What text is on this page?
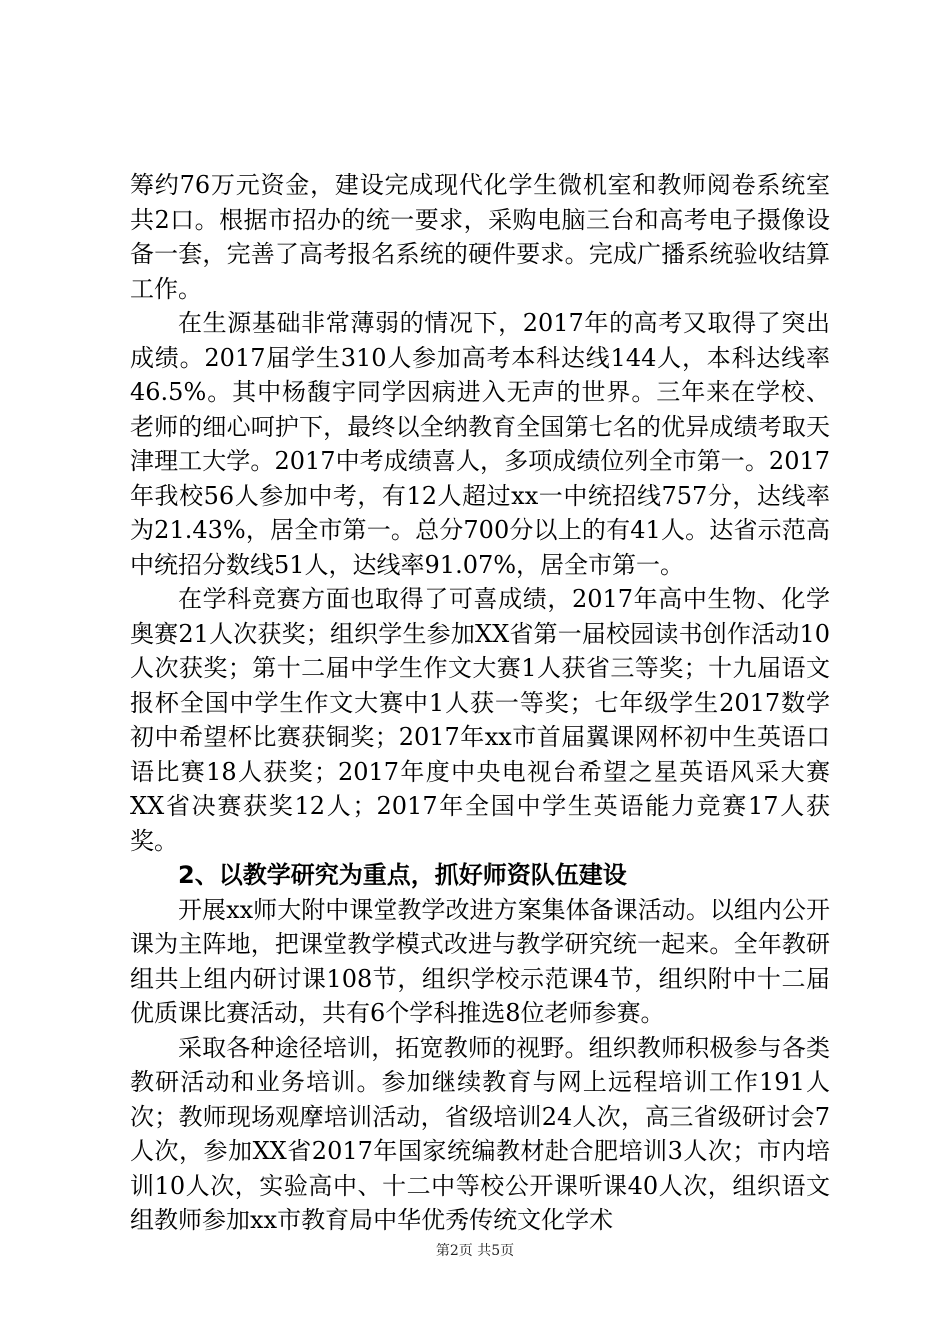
筹约76万元资金，建设完成现代化学生微机室和教师阅卷系统室共2口。根据市招办的统一要求，采购电脑三台和高考电子摄像设备一套，完善了高考报名系统的硬件要求。完成广播系统验收结算工作。

在生源基础非常薄弱的情况下，2017年的高考又取得了突出成绩。2017届学生310人参加高考本科达线144人，本科达线率46.5%。其中杨馥宇同学因病进入无声的世界。三年来在学校、老师的细心呵护下，最终以全纳教育全国第七名的优异成绩考取天津理工大学。2017中考成绩喜人，多项成绩位列全市第一。2017年我校56人参加中考，有12人超过xx一中统招线757分，达线率为21.43%，居全市第一。总分700分以上的有41人。达省示范高中统招分数线51人，达线率91.07%，居全市第一。

在学科竞赛方面也取得了可喜成绩，2017年高中生物、化学奥赛21人次获奖；组织学生参加XX省第一届校园读书创作活动10人次获奖；第十二届中学生作文大赛1人获省三等奖；十九届语文报杯全国中学生作文大赛中1人获一等奖；七年级学生2017数学初中希望杯比赛获铜奖；2017年xx市首届翼课网杯初中生英语口语比赛18人获奖；2017年度中央电视台希望之星英语风采大赛XX省决赛获奖12人；2017年全国中学生英语能力竞赛17人获奖。

2、以教学研究为重点，抓好师资队伍建设

开展xx师大附中课堂教学改进方案集体备课活动。以组内公开课为主阵地，把课堂教学模式改进与教学研究统一起来。全年教研组共上组内研讨课108节，组织学校示范课4节，组织附中十二届优质课比赛活动，共有6个学科推选8位老师参赛。

采取各种途径培训，拓宽教师的视野。组织教师积极参与各类教研活动和业务培训。参加继续教育与网上远程培训工作191人次；教师现场观摩培训活动，省级培训24人次，高三省级研讨会7人次，参加XX省2017年国家统编教材赴合肥培训3人次；市内培训10人次，实验高中、十二中等校公开课听课40人次，组织语文组教师参加xx市教育局中华优秀传统文化学术

第2页 共5页
